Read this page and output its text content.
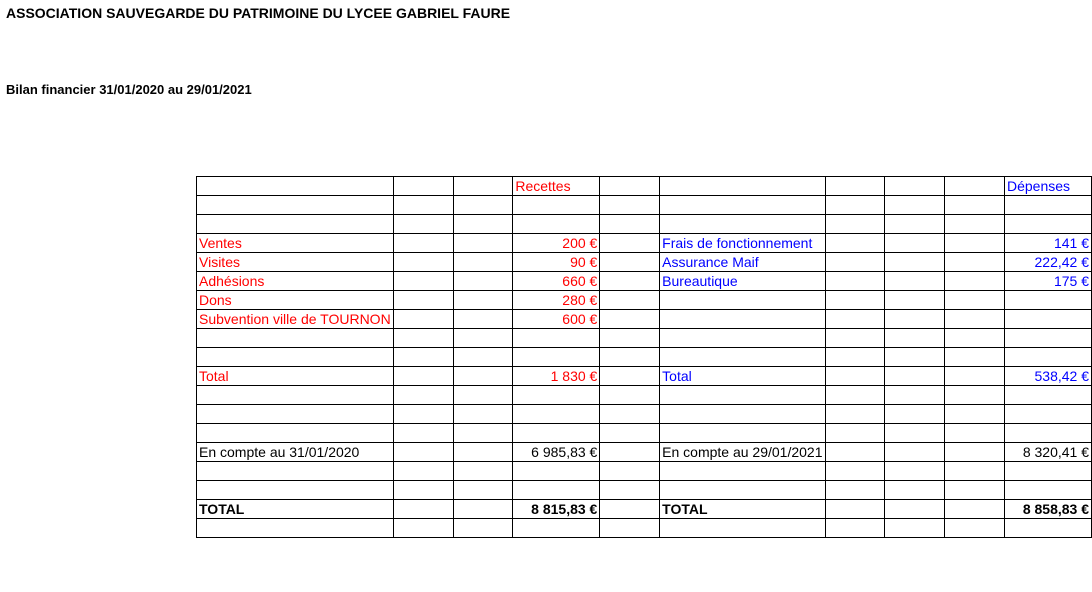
ASSOCIATION SAUVEGARDE DU PATRIMOINE DU LYCEE GABRIEL FAURE
Bilan financier 31/01/2020 au 29/01/2021
			Recettes						Dépenses

Ventes			200 €		Frais de fonctionnement				141 €
Visites			90 €		Assurance Maif				222,42 €
Adhésions			660 €		Bureautique				175 €
Dons			280 €						
Subvention ville de TOURNON			600 €						

Total			1 830 €		Total				538,42 €

En compte au 31/01/2020			6 985,83 €		En compte au 29/01/2021				8 320,41 €

TOTAL			8 815,83 €		TOTAL				8 858,83 €
